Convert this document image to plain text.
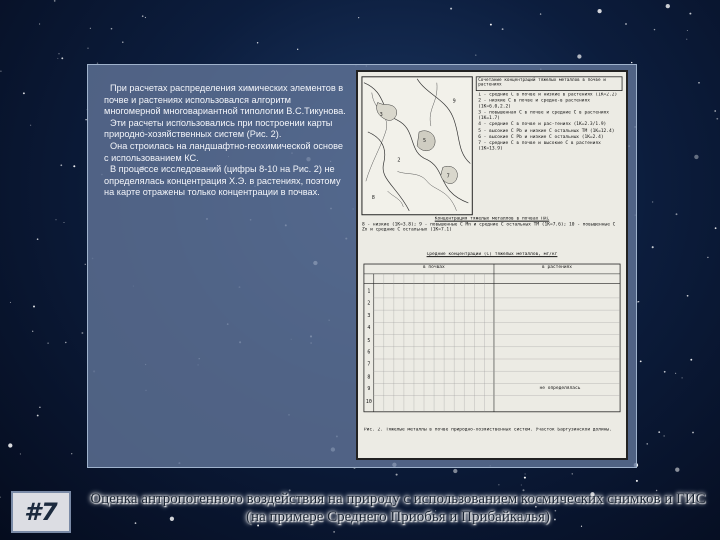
При расчетах распределения химических элементов в почве и растениях использовался алгоритм многомерной многовариантной типологии В.С.Тикунова.

Эти расчеты использовались при построении карты природно-хозяйственных систем (Рис. 2).

Она строилась на ландшафтно-геохимической основе с использованием КС.

В процессе исследований (цифры 8-10 на Рис. 2) не определялась концентрация Х.Э. в растениях, поэтому на карте отражены только концентрации в почвах.

3
5
7
2
9
8
Сочетание концентраций тяжелых металлов в почве и растениях
1 - средние С в почве и низкие в растениях (1К=2.2)
2 - низкие С в почве и средне-в растениях (1К=6.0,2.2)
3 - повышенная С в почве и средние С в растениях (1К=1.7)
4 - средние С в почве и рас-тениях (1К=2.3/1.9)
5 - высокие С Pb и низкие С остальных ТМ (1К=12.4)
6 - высокие С Pb и низкие С остальных (1К=2.4)
7 - средние С в почве и высокие С в растениях (1К=13.9)
Концентрация тяжелых металлов в почвах ПХС
8 - низкие (1К=3.8); 9 - повышенные С Mn и средние С остальных ТМ (1К=7.6); 10 - повышенные С Zn и средние С остальных (1К=7.1)
Средние концентрации (С) тяжелых металлов, мг/кг
в почвах	в растениях
не определялась
1
2
3
4
5
6
7
8
9
10
Рис. 2. Тяжелые металлы в почве природно-хозяйственных систем. Участок Баргузинской долины.
#7 Оценка антропогенного воздействия на природу с использованием космических снимков и ГИС (на примере Среднего Приобья и Прибайкалья)
